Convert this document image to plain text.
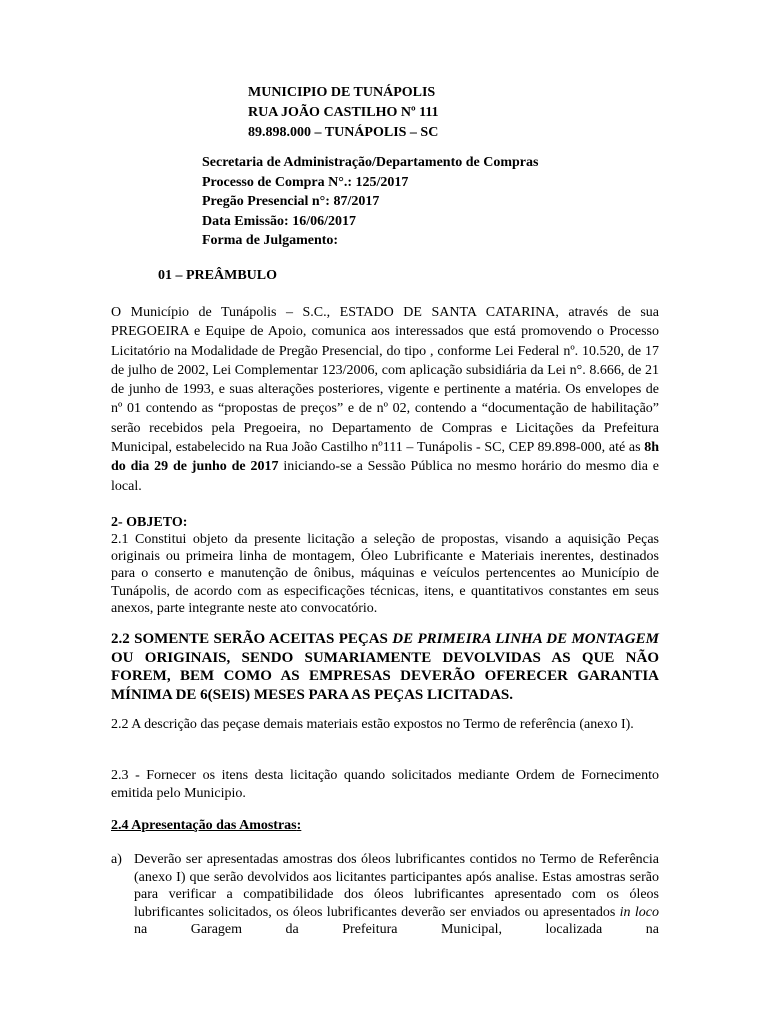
MUNICIPIO DE TUNÁPOLIS
RUA JOÃO CASTILHO Nº 111
89.898.000 – TUNÁPOLIS – SC
Secretaria de Administração/Departamento de Compras
Processo de Compra N°.: 125/2017
Pregão Presencial n°: 87/2017
Data Emissão: 16/06/2017
Forma de Julgamento:
01 – PREÂMBULO
O Município de Tunápolis – S.C., ESTADO DE SANTA CATARINA, através de sua PREGOEIRA e Equipe de Apoio, comunica aos interessados que está promovendo o Processo Licitatório na Modalidade de Pregão Presencial, do tipo , conforme Lei Federal nº. 10.520, de 17 de julho de 2002, Lei Complementar 123/2006, com aplicação subsidiária da Lei n°. 8.666, de 21 de junho de 1993, e suas alterações posteriores, vigente e pertinente a matéria. Os envelopes de nº 01 contendo as “propostas de preços” e de nº 02, contendo a “documentação de habilitação” serão recebidos pela Pregoeira, no Departamento de Compras e Licitações da Prefeitura Municipal, estabelecido na Rua João Castilho nº111 – Tunápolis - SC, CEP 89.898-000, até as 8h do dia 29 de junho de 2017 iniciando-se a Sessão Pública no mesmo horário do mesmo dia e local.
2- OBJETO:
2.1 Constitui objeto da presente licitação a seleção de propostas, visando a aquisição Peças originais ou primeira linha de montagem, Óleo Lubrificante e Materiais inerentes, destinados para o conserto e manutenção de ônibus, máquinas e veículos pertencentes ao Município de Tunápolis, de acordo com as especificações técnicas, itens, e quantitativos constantes em seus anexos, parte integrante neste ato convocatório.
2.2 SOMENTE SERÃO ACEITAS PEÇAS DE PRIMEIRA LINHA DE MONTAGEM OU ORIGINAIS, SENDO SUMARIAMENTE DEVOLVIDAS AS QUE NÃO FOREM, BEM COMO AS EMPRESAS DEVERÃO OFERECER GARANTIA MÍNIMA DE 6(SEIS) MESES PARA AS PEÇAS LICITADAS.
2.2 A descrição das peçase demais materiais estão expostos no Termo de referência (anexo I).
2.3 - Fornecer os itens desta licitação quando solicitados mediante Ordem de Fornecimento emitida pelo Municipio.
2.4 Apresentação das Amostras:
a) Deverão ser apresentadas amostras dos óleos lubrificantes contidos no Termo de Referência (anexo I) que serão devolvidos aos licitantes participantes após analise. Estas amostras serão para verificar a compatibilidade dos óleos lubrificantes apresentado com os óleos lubrificantes solicitados, os óleos lubrificantes deverão ser enviados ou apresentados in loco na Garagem da Prefeitura Municipal, localizada na
